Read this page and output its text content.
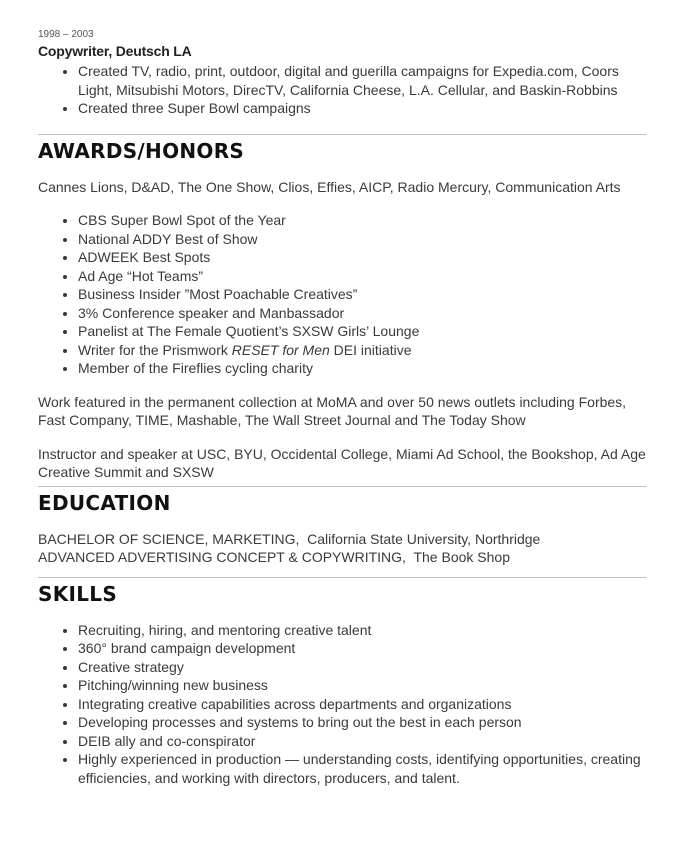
1998 – 2003

Copywriter, Deutsch LA
• Created TV, radio, print, outdoor, digital and guerilla campaigns for Expedia.com, Coors Light, Mitsubishi Motors, DirecTV, California Cheese, L.A. Cellular, and Baskin-Robbins
• Created three Super Bowl campaigns
AWARDS/HONORS

Cannes Lions, D&AD, The One Show, Clios, Effies, AICP, Radio Mercury, Communication Arts

• CBS Super Bowl Spot of the Year
• National ADDY Best of Show
• ADWEEK Best Spots
• Ad Age “Hot Teams”
• Business Insider ”Most Poachable Creatives”
• 3% Conference speaker and Manbassador
• Panelist at The Female Quotient’s SXSW Girls’ Lounge
• Writer for the Prismwork RESET for Men DEI initiative
• Member of the Fireflies cycling charity

Work featured in the permanent collection at MoMA and over 50 news outlets including Forbes, Fast Company, TIME, Mashable, The Wall Street Journal and The Today Show

Instructor and speaker at USC, BYU, Occidental College, Miami Ad School, the Bookshop, Ad Age Creative Summit and SXSW

EDUCATION

BACHELOR OF SCIENCE, MARKETING,  California State University, Northridge

ADVANCED ADVERTISING CONCEPT & COPYWRITING,  The Book Shop

SKILLS
• Recruiting, hiring, and mentoring creative talent
• 360° brand campaign development
• Creative strategy
• Pitching/winning new business
• Integrating creative capabilities across departments and organizations
• Developing processes and systems to bring out the best in each person
• DEIB ally and co-conspirator
• Highly experienced in production — understanding costs, identifying opportunities, creating efficiencies, and working with directors, producers, and talent.
